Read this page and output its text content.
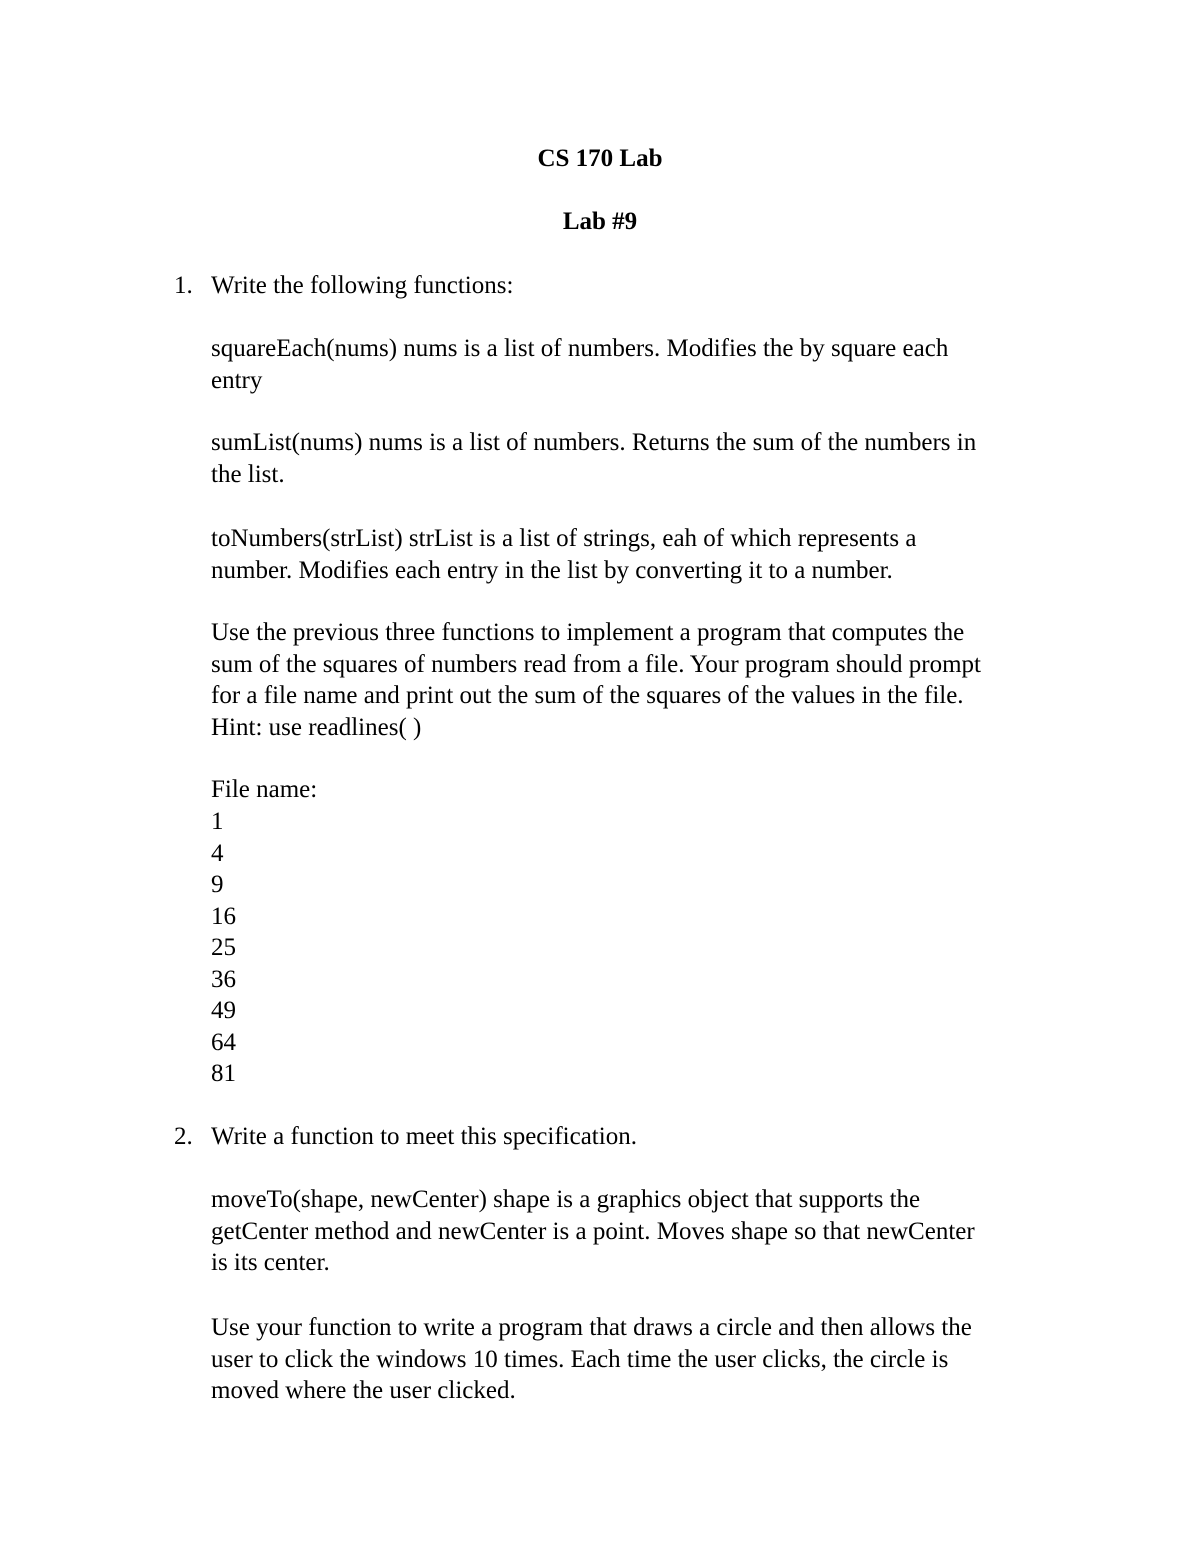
CS 170 Lab
Lab #9
1. Write the following functions:

squareEach(nums) nums is a list of numbers. Modifies the by square each
entry

sumList(nums) nums is a list of numbers. Returns the sum of the numbers in
the list.

toNumbers(strList) strList is a list of strings, eah of which represents a
number. Modifies each entry in the list by converting it to a number.

Use the previous three functions to implement a program that computes the
sum of the squares of numbers read from a file. Your program should prompt
for a file name and print out the sum of the squares of the values in the file.
Hint: use readlines( )

File name:

1
4
9
16
25
36
49
64
81
2. Write a function to meet this specification.

moveTo(shape, newCenter) shape is a graphics object that supports the
getCenter method and newCenter is a point. Moves shape so that newCenter
is its center.

Use your function to write a program that draws a circle and then allows the
user to click the windows 10 times. Each time the user clicks, the circle is
moved where the user clicked.
